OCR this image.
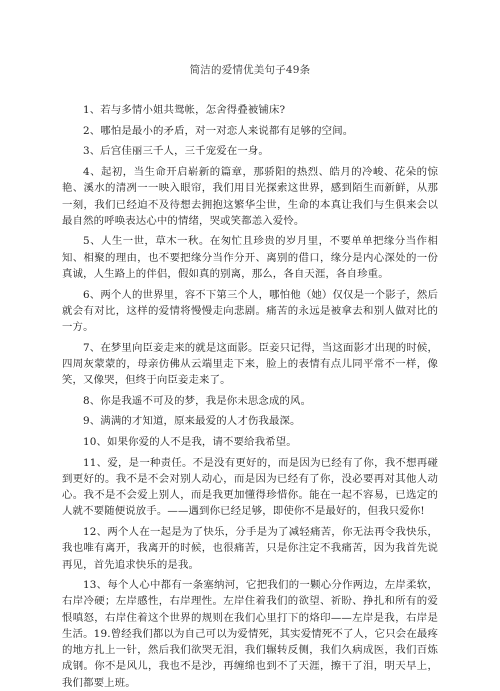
简洁的爱情优美句子49条

1、若与多情小姐共鸳帐，怎舍得叠被铺床?

2、哪怕是最小的矛盾，对一对恋人来说都有足够的空间。

3、后宫佳丽三千人，三千宠爱在一身。

4、起初，当生命开启崭新的篇章，那骄阳的热烈、皓月的冷峻、花朵的惊艳、溪水的清冽一一映入眼帘，我们用目光探索这世界，感到陌生而新鲜，从那一刻，我们已经迫不及待想去拥抱这繁华尘世，生命的本真让我们与生俱来会以最自然的呼唤表达心中的情绪，哭或笑都恙入爱怜。

5、人生一世，草木一秋。在匆忙且珍贵的岁月里，不要单单把缘分当作相知、相聚的理由，也不要把缘分当作分开、离别的借口，缘分是内心深处的一份真诚，人生路上的伴侣，假如真的别离，那么，各自天涯，各自珍重。

6、两个人的世界里，容不下第三个人，哪怕他（她）仅仅是一个影子，然后就会有对比，这样的爱情将慢慢走向悲剧。痛苦的永远是被拿去和别人做对比的一方。

7、在梦里向臣妾走来的就是这面影。臣妾只记得，当这面影才出现的时候，四周灰蒙蒙的，母亲仿佛从云端里走下来，脸上的表情有点儿同平常不一样，像笑，又像哭，但终于向臣妾走来了。

8、你是我遥不可及的梦，我是你未思念成的风。

9、满满的才知道，原来最爱的人才伤我最深。

10、如果你爱的人不是我，请不要给我希望。

11、爱，是一种责任。不是没有更好的，而是因为已经有了你，我不想再碰到更好的。我不是不会对别人动心，而是因为已经有了你，没必要再对其他人动心。我不是不会爱上别人，而是我更加懂得珍惜你。能在一起不容易，已选定的人就不要随便说放手。——遇到你已经足够，即使你不是最好的，但我只爱你!

12、两个人在一起是为了快乐，分手是为了减轻痛苦，你无法再令我快乐，我也唯有离开，我离开的时候，也很痛苦，只是你注定不我痛苦，因为我首先说再见，首先追求快乐的是我。

13、每个人心中都有一条塞纳河，它把我们的一颗心分作两边，左岸柔软，右岸冷硬；左岸感性，右岸理性。左岸住着我们的欲望、祈盼、挣扎和所有的爱恨嗔怒，右岸住着这个世界的规则在我们心里打下的烙印——左岸是我，右岸是生活。19.曾经我们都以为自己可以为爱情死，其实爱情死不了人，它只会在最疼的地方扎上一针，然后我们欲哭无泪，我们辗转反侧，我们久病成医，我们百炼成钢。你不是风儿，我也不是沙，再缠绵也到不了天涯，擦干了泪，明天早上，我们都要上班。
